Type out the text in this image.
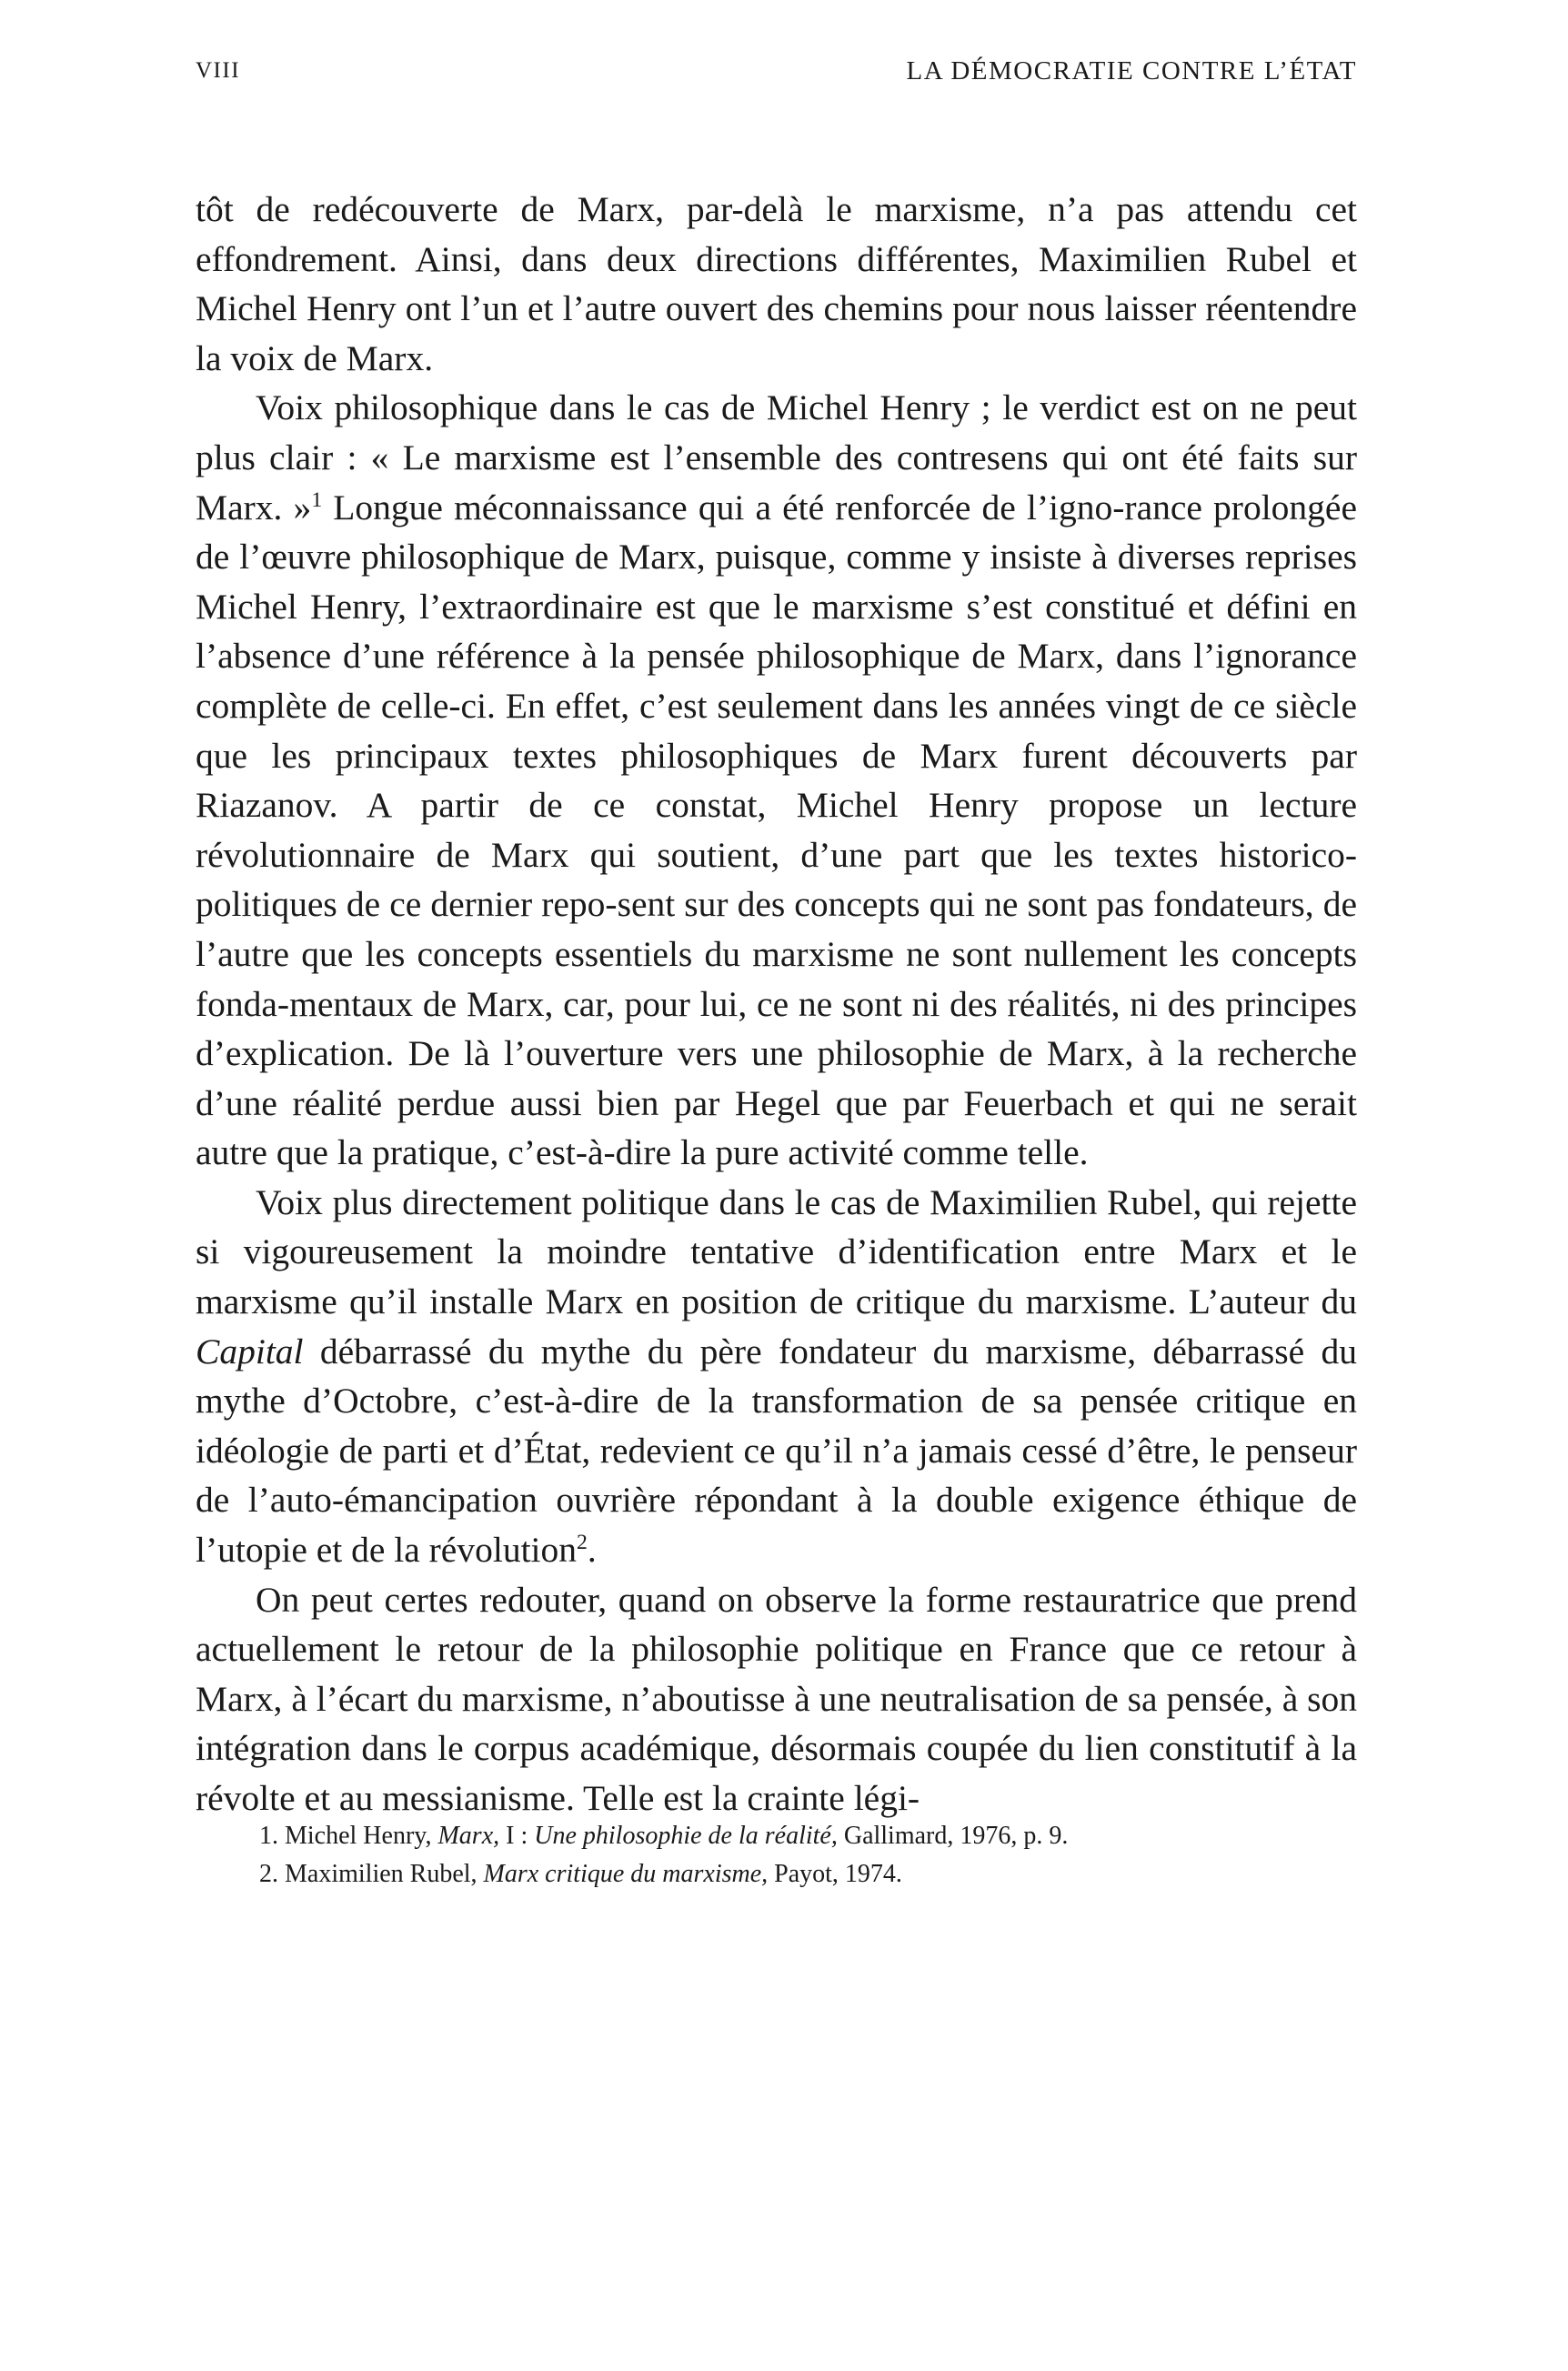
VIII	LA DÉMOCRATIE CONTRE L’ÉTAT

tôt de redécouverte de Marx, par-delà le marxisme, n’a pas attendu cet effondrement. Ainsi, dans deux directions différentes, Maximilien Rubel et Michel Henry ont l’un et l’autre ouvert des chemins pour nous laisser réentendre la voix de Marx.

Voix philosophique dans le cas de Michel Henry ; le verdict est on ne peut plus clair : « Le marxisme est l’ensemble des contresens qui ont été faits sur Marx. »$^1$ Longue méconnaissance qui a été renforcée de l’igno-rance prolongée de l’œuvre philosophique de Marx, puisque, comme y insiste à diverses reprises Michel Henry, l’extraordinaire est que le marxisme s’est constitué et défini en l’absence d’une référence à la pensée philosophique de Marx, dans l’ignorance complète de celle-ci. En effet, c’est seulement dans les années vingt de ce siècle que les principaux textes philosophiques de Marx furent découverts par Riazanov. A partir de ce constat, Michel Henry propose un lecture révolutionnaire de Marx qui soutient, d’une part que les textes historico-politiques de ce dernier repo-sent sur des concepts qui ne sont pas fondateurs, de l’autre que les concepts essentiels du marxisme ne sont nullement les concepts fonda-mentaux de Marx, car, pour lui, ce ne sont ni des réalités, ni des principes d’explication. De là l’ouverture vers une philosophie de Marx, à la recherche d’une réalité perdue aussi bien par Hegel que par Feuerbach et qui ne serait autre que la pratique, c’est-à-dire la pure activité comme telle.

Voix plus directement politique dans le cas de Maximilien Rubel, qui rejette si vigoureusement la moindre tentative d’identification entre Marx et le marxisme qu’il installe Marx en position de critique du marxisme. L’auteur du Capital débarrassé du mythe du père fondateur du marxisme, débarrassé du mythe d’Octobre, c’est-à-dire de la transformation de sa pensée critique en idéologie de parti et d’État, redevient ce qu’il n’a jamais cessé d’être, le penseur de l’auto-émancipation ouvrière répondant à la double exigence éthique de l’utopie et de la révolution$^2$.

On peut certes redouter, quand on observe la forme restauratrice que prend actuellement le retour de la philosophie politique en France que ce retour à Marx, à l’écart du marxisme, n’aboutisse à une neutralisation de sa pensée, à son intégration dans le corpus académique, désormais coupée du lien constitutif à la révolte et au messianisme. Telle est la crainte légi-

1. Michel Henry, Marx, I : Une philosophie de la réalité, Gallimard, 1976, p. 9.

2. Maximilien Rubel, Marx critique du marxisme, Payot, 1974.
